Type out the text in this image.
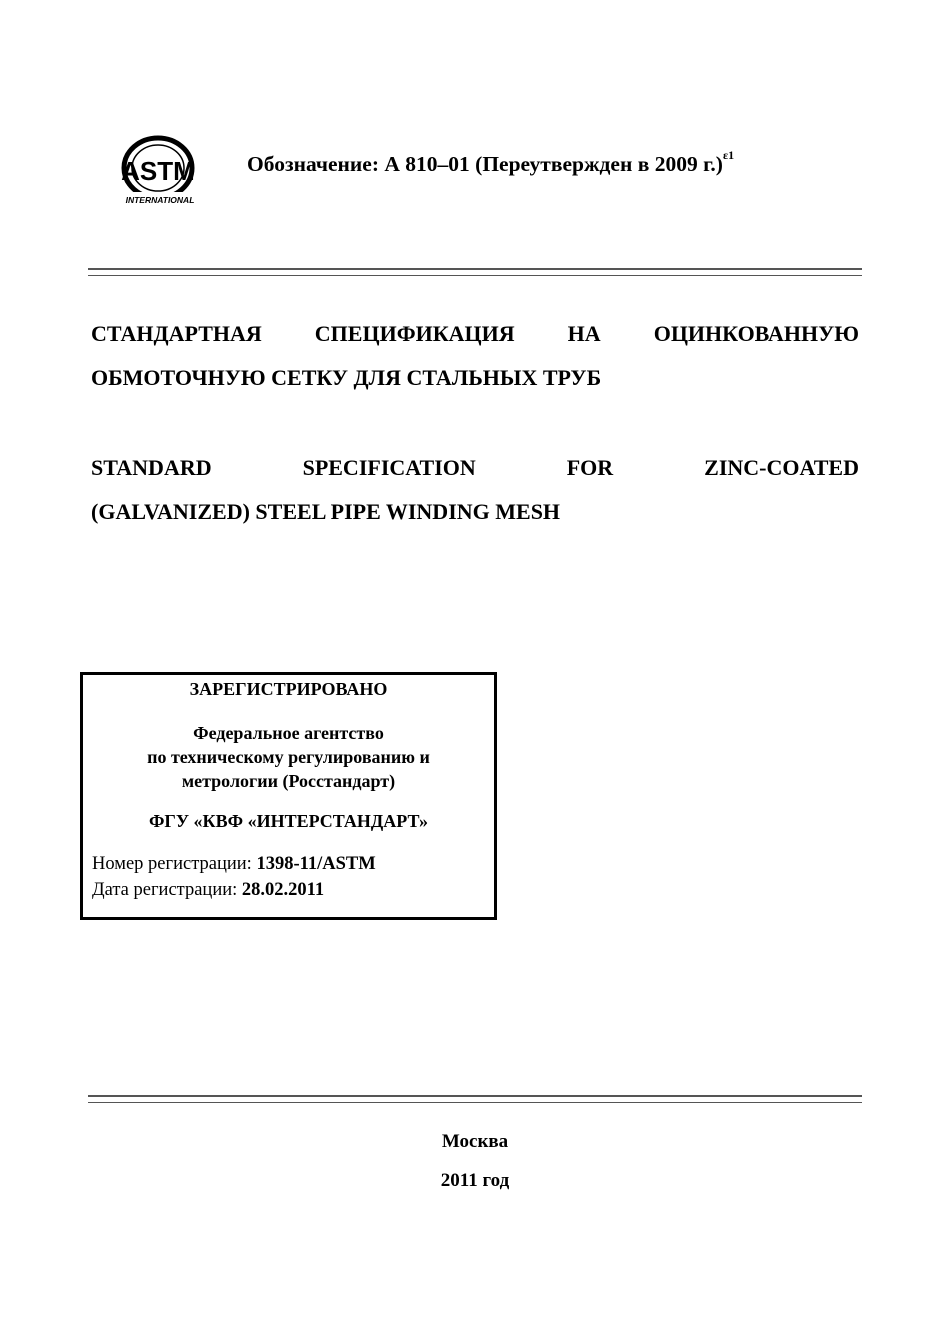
ASTM
INTERNATIONAL
Обозначение: А 810–01 (Переутвержден в 2009 г.)$^{\varepsilon 1}$
СТАНДАРТНАЯ СПЕЦИФИКАЦИЯ НА ОЦИНКОВАННУЮ
ОБМОТОЧНУЮ СЕТКУ ДЛЯ СТАЛЬНЫХ ТРУБ
STANDARD SPECIFICATION FOR ZINC-COATED
(GALVANIZED) STEEL PIPE WINDING MESH
ЗАРЕГИСТРИРОВАНО
Федеральное агентство
по техническому регулированию и
метрологии (Росстандарт)
ФГУ «КВФ «ИНТЕРСТАНДАРТ»
Номер регистрации: 1398-11/ASTM
Дата регистрации: 28.02.2011
Москва
2011 год
